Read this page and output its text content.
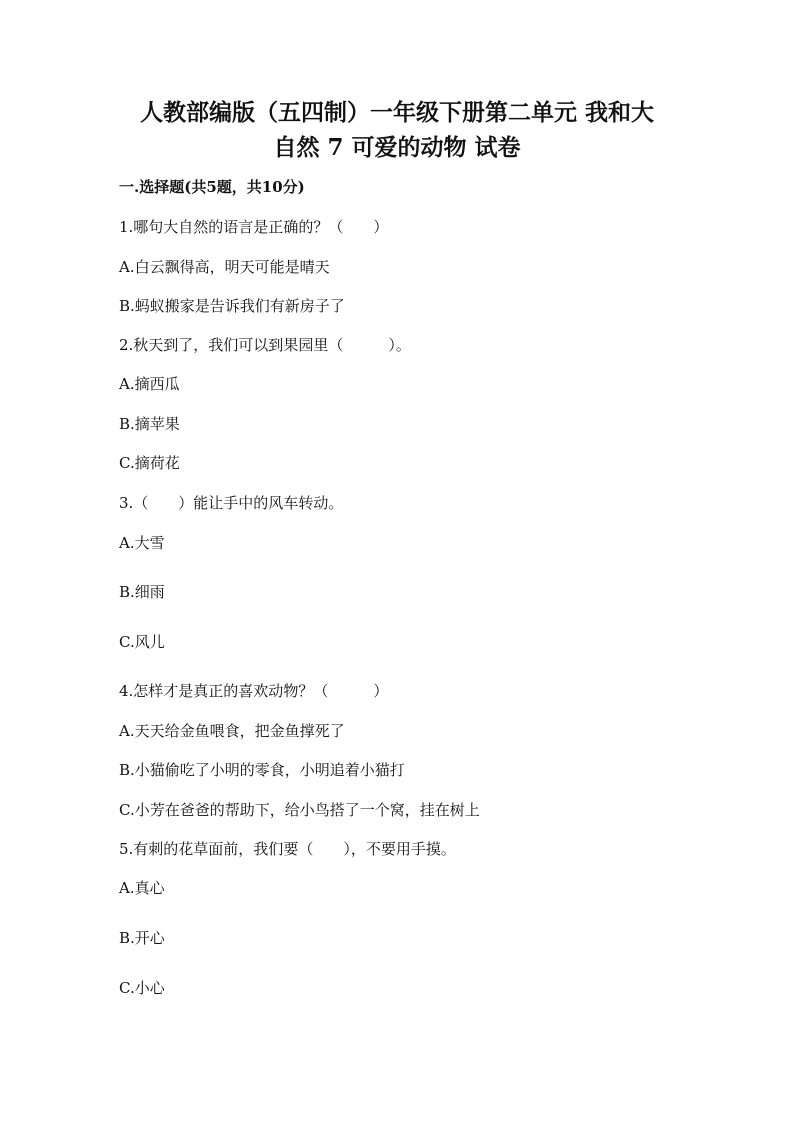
人教部编版（五四制）一年级下册第二单元 我和大
自然 7 可爱的动物 试卷
一.选择题(共5题，共10分)
1.哪句大自然的语言是正确的？（　　）
A.白云飘得高，明天可能是晴天
B.蚂蚁搬家是告诉我们有新房子了
2.秋天到了，我们可以到果园里（　　　）。
A.摘西瓜
B.摘苹果
C.摘荷花
3.（　　）能让手中的风车转动。
A.大雪
B.细雨
C.风儿
4.怎样才是真正的喜欢动物？（　　　）
A.天天给金鱼喂食，把金鱼撑死了
B.小猫偷吃了小明的零食，小明追着小猫打
C.小芳在爸爸的帮助下，给小鸟搭了一个窝，挂在树上
5.有刺的花草面前，我们要（　　），不要用手摸。
A.真心
B.开心
C.小心
